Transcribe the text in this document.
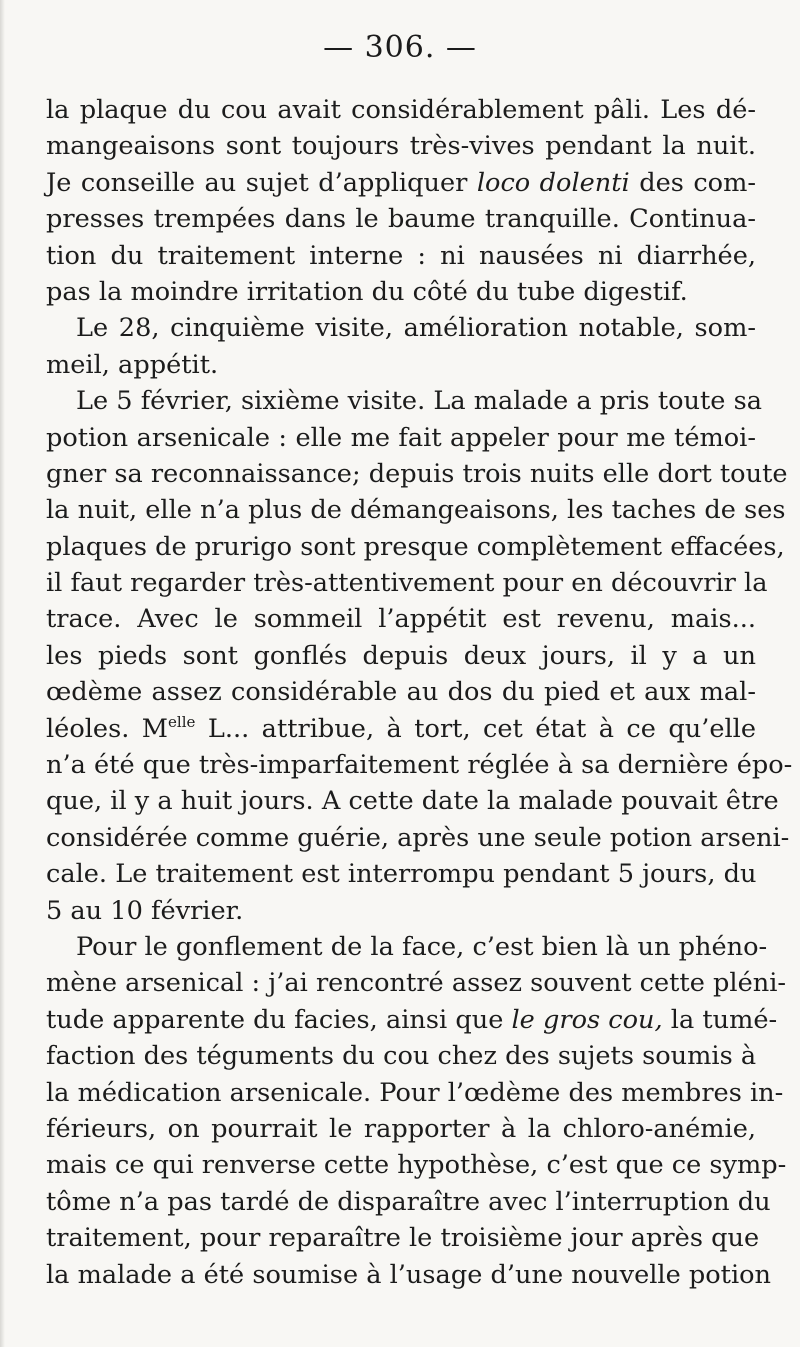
— 306. —
la plaque du cou avait considérablement pâli. Les dé-
mangeaisons sont toujours très-vives pendant la nuit.
Je conseille au sujet d’appliquer loco dolenti des com-
presses trempées dans le baume tranquille. Continua-
tion du traitement interne : ni nausées ni diarrhée,
pas la moindre irritation du côté du tube digestif.
Le 28, cinquième visite, amélioration notable, som-
meil, appétit.
Le 5 février, sixième visite. La malade a pris toute sa
potion arsenicale : elle me fait appeler pour me témoi-
gner sa reconnaissance; depuis trois nuits elle dort toute
la nuit, elle n’a plus de démangeaisons, les taches de ses
plaques de prurigo sont presque complètement effacées,
il faut regarder très-attentivement pour en découvrir la
trace. Avec le sommeil l’appétit est revenu, mais...
les pieds sont gonflés depuis deux jours, il y a un
œdème assez considérable au dos du pied et aux mal-
léoles. $M^{elle}$ L... attribue, à tort, cet état à ce qu’elle
n’a été que très-imparfaitement réglée à sa dernière épo-
que, il y a huit jours. A cette date la malade pouvait être
considérée comme guérie, après une seule potion arseni-
cale. Le traitement est interrompu pendant 5 jours, du
5 au 10 février.
Pour le gonflement de la face, c’est bien là un phéno-
mène arsenical : j’ai rencontré assez souvent cette pléni-
tude apparente du facies, ainsi que le gros cou, la tumé-
faction des téguments du cou chez des sujets soumis à
la médication arsenicale. Pour l’œdème des membres in-
férieurs, on pourrait le rapporter à la chloro-anémie,
mais ce qui renverse cette hypothèse, c’est que ce symp-
tôme n’a pas tardé de disparaître avec l’interruption du
traitement, pour reparaître le troisième jour après que
la malade a été soumise à l’usage d’une nouvelle potion
